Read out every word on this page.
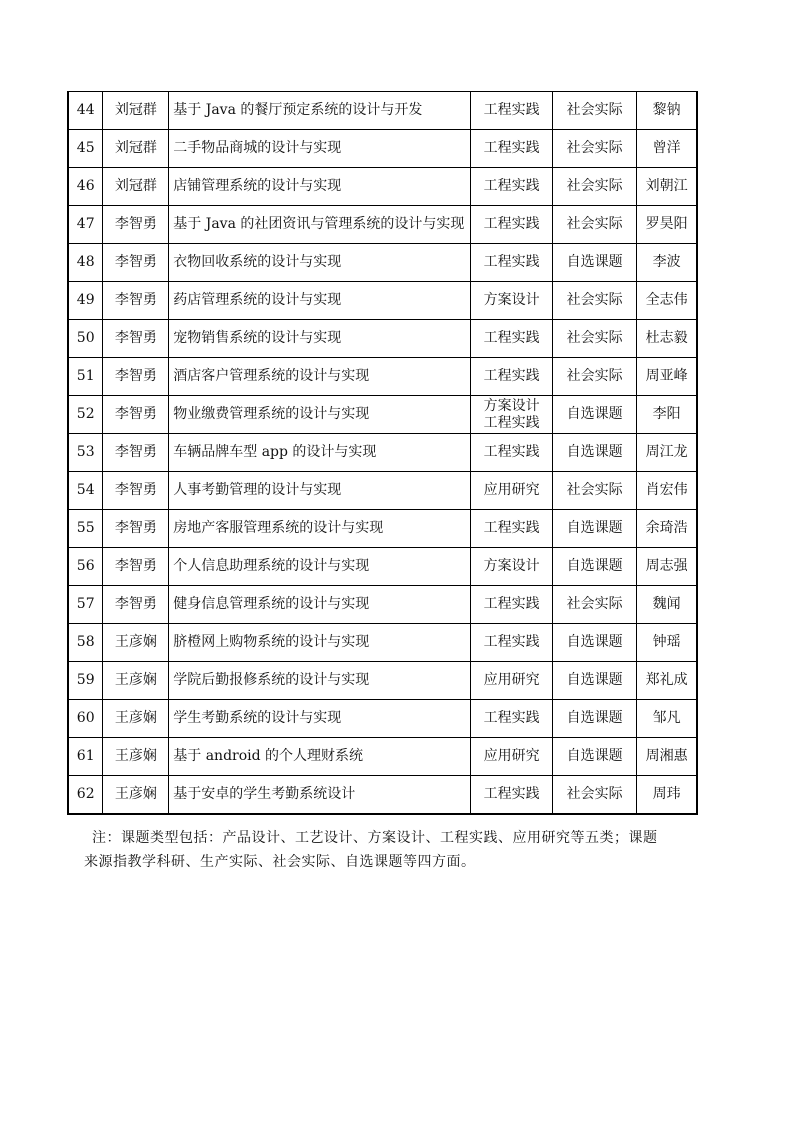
44	刘冠群	基于 Java 的餐厅预定系统的设计与开发	工程实践	社会实际	黎钠
45	刘冠群	二手物品商城的设计与实现	工程实践	社会实际	曾洋
46	刘冠群	店铺管理系统的设计与实现	工程实践	社会实际	刘朝江
47	李智勇	基于 Java 的社团资讯与管理系统的设计与实现	工程实践	社会实际	罗昊阳
48	李智勇	衣物回收系统的设计与实现	工程实践	自选课题	李波
49	李智勇	药店管理系统的设计与实现	方案设计	社会实际	全志伟
50	李智勇	宠物销售系统的设计与实现	工程实践	社会实际	杜志毅
51	李智勇	酒店客户管理系统的设计与实现	工程实践	社会实际	周亚峰
52	李智勇	物业缴费管理系统的设计与实现	方案设计 工程实践	自选课题	李阳
53	李智勇	车辆品牌车型 app 的设计与实现	工程实践	自选课题	周江龙
54	李智勇	人事考勤管理的设计与实现	应用研究	社会实际	肖宏伟
55	李智勇	房地产客服管理系统的设计与实现	工程实践	自选课题	余琦浩
56	李智勇	个人信息助理系统的设计与实现	方案设计	自选课题	周志强
57	李智勇	健身信息管理系统的设计与实现	工程实践	社会实际	魏闻
58	王彦娴	脐橙网上购物系统的设计与实现	工程实践	自选课题	钟瑶
59	王彦娴	学院后勤报修系统的设计与实现	应用研究	自选课题	郑礼成
60	王彦娴	学生考勤系统的设计与实现	工程实践	自选课题	邹凡
61	王彦娴	基于 android 的个人理财系统	应用研究	自选课题	周湘惠
62	王彦娴	基于安卓的学生考勤系统设计	工程实践	社会实际	周玮
注：课题类型包括：产品设计、工艺设计、方案设计、工程实践、应用研究等五类；课题
来源指教学科研、生产实际、社会实际、自选课题等四方面。
